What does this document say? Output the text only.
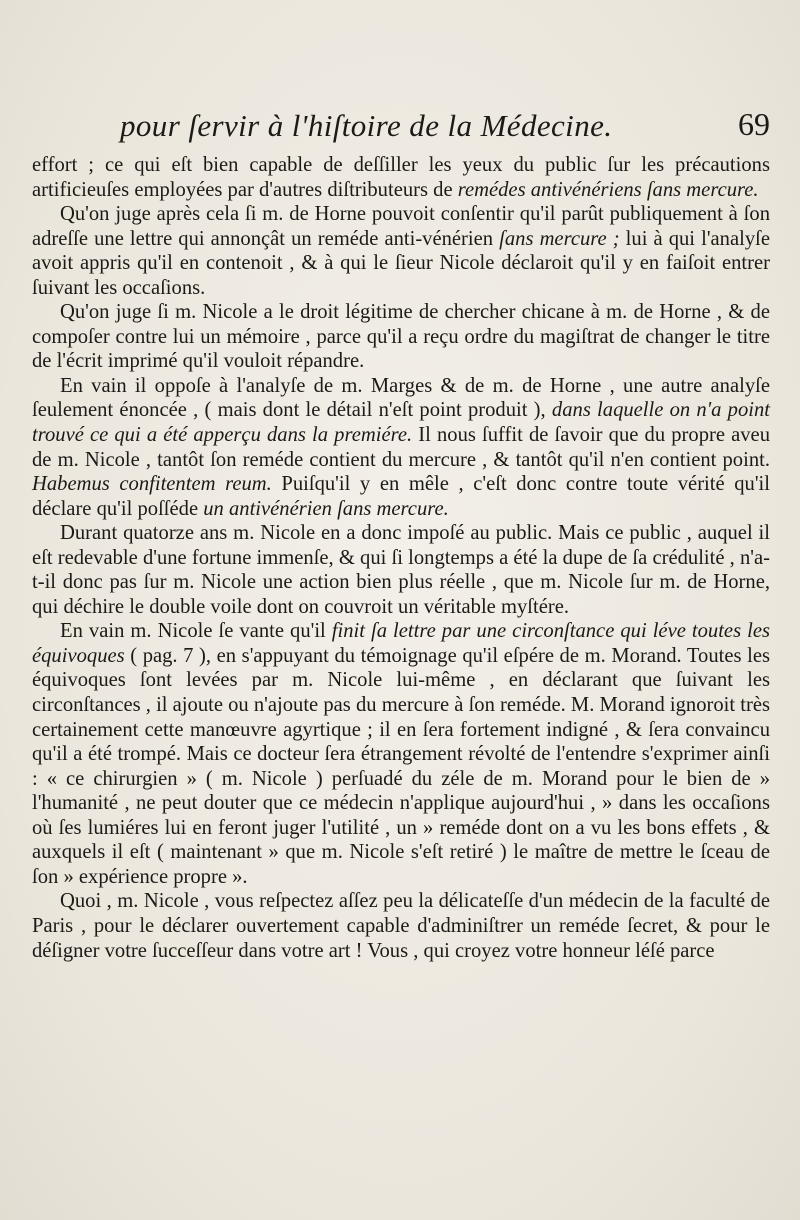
pour ſervir à l'hiſtoire de la Médecine.	69

effort ; ce qui eſt bien capable de deſſiller les yeux du public ſur les précautions artificieuſes employées par d'autres diſtributeurs de remédes antivénériens ſans mercure.

Qu'on juge après cela ſi m. de Horne pouvoit conſentir qu'il parût publiquement à ſon adreſſe une lettre qui annonçât un reméde anti-vénérien ſans mercure ; lui à qui l'analyſe avoit appris qu'il en contenoit , & à qui le ſieur Nicole déclaroit qu'il y en faiſoit entrer ſuivant les occaſions.

Qu'on juge ſi m. Nicole a le droit légitime de chercher chicane à m. de Horne , & de compoſer contre lui un mémoire , parce qu'il a reçu ordre du magiſtrat de changer le titre de l'écrit imprimé qu'il vouloit répandre.

En vain il oppoſe à l'analyſe de m. Marges & de m. de Horne , une autre analyſe ſeulement énoncée , ( mais dont le détail n'eſt point produit ), dans laquelle on n'a point trouvé ce qui a été apperçu dans la premiére. Il nous ſuffit de ſavoir que du propre aveu de m. Nicole , tantôt ſon reméde contient du mercure , & tantôt qu'il n'en contient point. Habemus confitentem reum. Puiſqu'il y en mêle , c'eſt donc contre toute vérité qu'il déclare qu'il poſſéde un antivénérien ſans mercure.

Durant quatorze ans m. Nicole en a donc impoſé au public. Mais ce public , auquel il eſt redevable d'une fortune immenſe, & qui ſi longtemps a été la dupe de ſa crédulité , n'a-t-il donc pas ſur m. Nicole une action bien plus réelle , que m. Nicole ſur m. de Horne, qui déchire le double voile dont on couvroit un véritable myſtére.

En vain m. Nicole ſe vante qu'il finit ſa lettre par une circonſtance qui léve toutes les équivoques ( pag. 7 ), en s'appuyant du témoignage qu'il eſpére de m. Morand. Toutes les équivoques ſont levées par m. Nicole lui-même , en déclarant que ſuivant les circonſtances , il ajoute ou n'ajoute pas du mercure à ſon reméde. M. Morand ignoroit très certainement cette manœuvre agyrtique ; il en ſera fortement indigné , & ſera convaincu qu'il a été trompé. Mais ce docteur ſera étrangement révolté de l'entendre s'exprimer ainſi : « ce chirurgien » ( m. Nicole ) perſuadé du zéle de m. Morand pour le bien de » l'humanité , ne peut douter que ce médecin n'applique aujourd'hui , » dans les occaſions où ſes lumiéres lui en feront juger l'utilité , un » reméde dont on a vu les bons effets , & auxquels il eſt ( maintenant » que m. Nicole s'eſt retiré ) le maître de mettre le ſceau de ſon » expérience propre ».

Quoi , m. Nicole , vous reſpectez aſſez peu la délicateſſe d'un médecin de la faculté de Paris , pour le déclarer ouvertement capable d'adminiſtrer un reméde ſecret, & pour le déſigner votre ſucceſſeur dans votre art ! Vous , qui croyez votre honneur léſé parce
